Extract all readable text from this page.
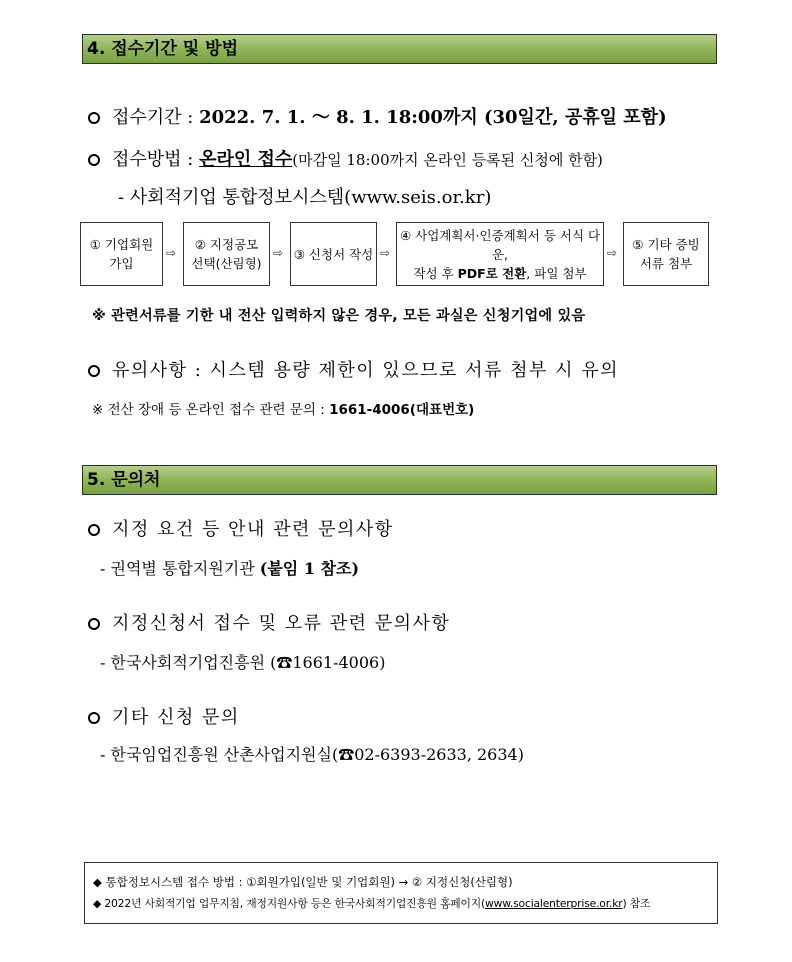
4. 접수기간 및 방법
접수기간 : 2022. 7. 1. ～ 8. 1. 18:00까지 (30일간, 공휴일 포함)
접수방법 : 온라인 접수(마감일 18:00까지 온라인 등록된 신청에 한함)
- 사회적기업 통합정보시스템(www.seis.or.kr)
① 기업회원
가입
⇨
② 지정공모
선택(산림형)
⇨ ③ 신청서 작성 ⇨
④ 사업계획서·인증계획서 등 서식 다운,
작성 후 PDF로 전환, 파일 첨부
⇨
⑤ 기타 증빙
서류 첨부
※ 관련서류를 기한 내 전산 입력하지 않은 경우, 모든 과실은 신청기업에 있음
유의사항 : 시스템 용량 제한이 있으므로 서류 첨부 시 유의
※ 전산 장애 등 온라인 접수 관련 문의 : 1661-4006(대표번호)
5. 문의처
지정 요건 등 안내 관련 문의사항
- 권역별 통합지원기관 (붙임 1 참조)
지정신청서 접수 및 오류 관련 문의사항
- 한국사회적기업진흥원 (☎1661-4006)
기타 신청 문의
- 한국임업진흥원 산촌사업지원실(☎02-6393-2633, 2634)
◆ 통합정보시스템 접수 방법 : ①회원가입(일반 및 기업회원) → ② 지정신청(산림형)
◆ 2022년 사회적기업 업무지침, 재정지원사항 등은 한국사회적기업진흥원 홈페이지(www.socialenterprise.or.kr) 참조
